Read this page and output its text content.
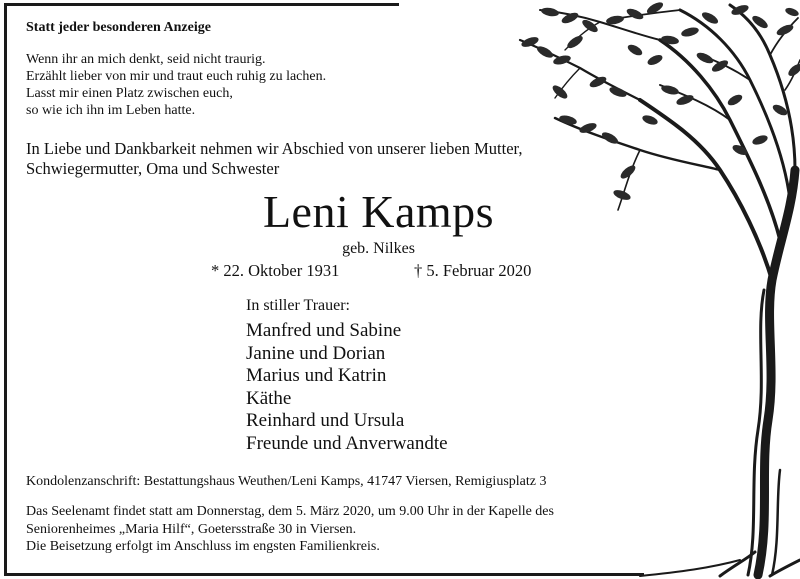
Statt jeder besonderen Anzeige

Wenn ihr an mich denkt, seid nicht traurig.
Erzählt lieber von mir und traut euch ruhig zu lachen.
Lasst mir einen Platz zwischen euch,
so wie ich ihn im Leben hatte.
In Liebe und Dankbarkeit nehmen wir Abschied von unserer lieben Mutter,
Schwiegermutter, Oma und Schwester
Leni Kamps
geb. Nilkes
* 22. Oktober 1931	† 5. Februar 2020
In stiller Trauer:
Manfred und Sabine
Janine und Dorian
Marius und Katrin
Käthe
Reinhard und Ursula
Freunde und Anverwandte
Kondolenzanschrift: Bestattungshaus Weuthen/Leni Kamps, 41747 Viersen, Remigiusplatz 3
Das Seelenamt findet statt am Donnerstag, dem 5. März 2020, um 9.00 Uhr in der Kapelle des
Seniorenheimes „Maria Hilf“, Goetersstraße 30 in Viersen.
Die Beisetzung erfolgt im Anschluss im engsten Familienkreis.
